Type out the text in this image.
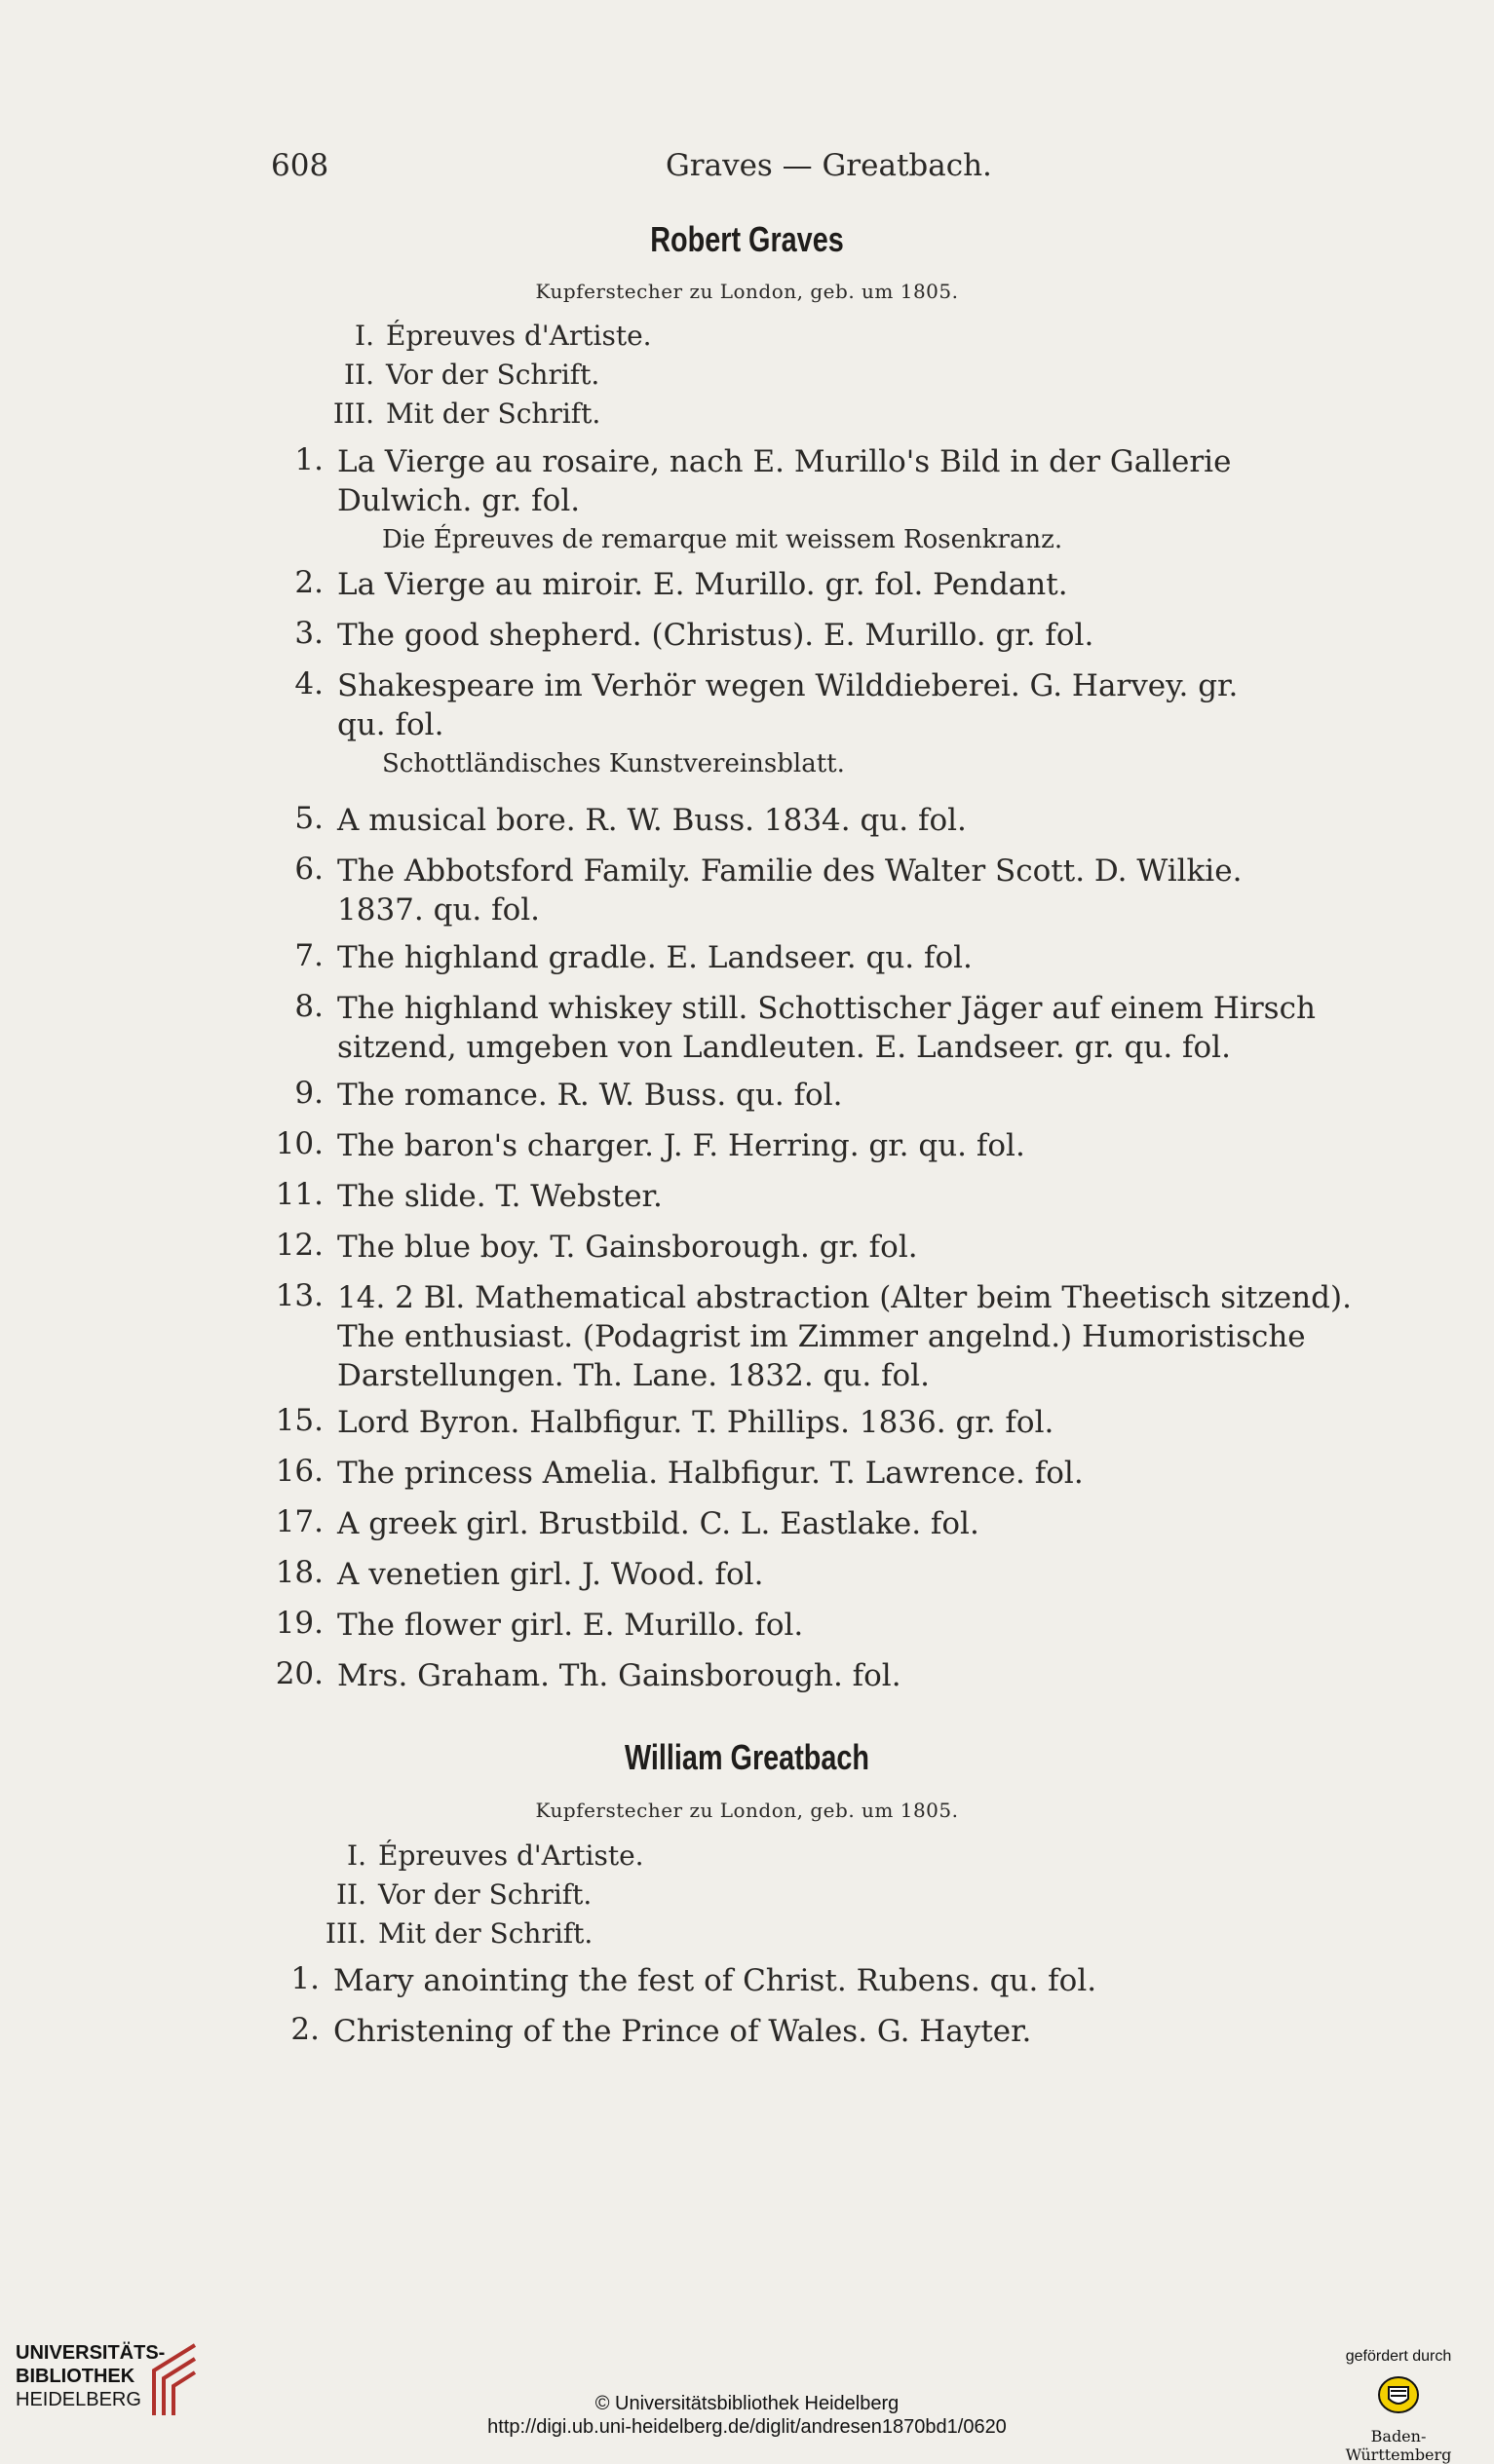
608	Graves — Greatbach.
Robert Graves
Kupferstecher zu London, geb. um 1805.
I. Épreuves d'Artiste.
II. Vor der Schrift.
III. Mit der Schrift.
1. La Vierge au rosaire, nach E. Murillo's Bild in der Gallerie
Dulwich. gr. fol.
Die Épreuves de remarque mit weissem Rosenkranz.
2. La Vierge au miroir. E. Murillo. gr. fol. Pendant.
3. The good shepherd. (Christus). E. Murillo. gr. fol.
4. Shakespeare im Verhör wegen Wilddieberei. G. Harvey. gr.
qu. fol.
Schottländisches Kunstvereinsblatt.
5. A musical bore. R. W. Buss. 1834. qu. fol.
6. The Abbotsford Family. Familie des Walter Scott. D. Wilkie.
1837. qu. fol.
7. The highland gradle. E. Landseer. qu. fol.
8. The highland whiskey still. Schottischer Jäger auf einem Hirsch
sitzend, umgeben von Landleuten. E. Landseer. gr. qu. fol.
9. The romance. R. W. Buss. qu. fol.
10. The baron's charger. J. F. Herring. gr. qu. fol.
11. The slide. T. Webster.
12. The blue boy. T. Gainsborough. gr. fol.
13. 14. 2 Bl. Mathematical abstraction (Alter beim Theetisch sitzend).
The enthusiast. (Podagrist im Zimmer angelnd.) Humoristische
Darstellungen. Th. Lane. 1832. qu. fol.
15. Lord Byron. Halbfigur. T. Phillips. 1836. gr. fol.
16. The princess Amelia. Halbfigur. T. Lawrence. fol.
17. A greek girl. Brustbild. C. L. Eastlake. fol.
18. A venetien girl. J. Wood. fol.
19. The flower girl. E. Murillo. fol.
20. Mrs. Graham. Th. Gainsborough. fol.
William Greatbach
Kupferstecher zu London, geb. um 1805.
I. Épreuves d'Artiste.
II. Vor der Schrift.
III. Mit der Schrift.
1. Mary anointing the fest of Christ. Rubens. qu. fol.
2. Christening of the Prince of Wales. G. Hayter.
UNIVERSITÄTS-
BIBLIOTHEK
HEIDELBERG	© Universitätsbibliothek Heidelberg
http://digi.ub.uni-heidelberg.de/diglit/andresen1870bd1/0620
gefördert durch
Baden-Württemberg
